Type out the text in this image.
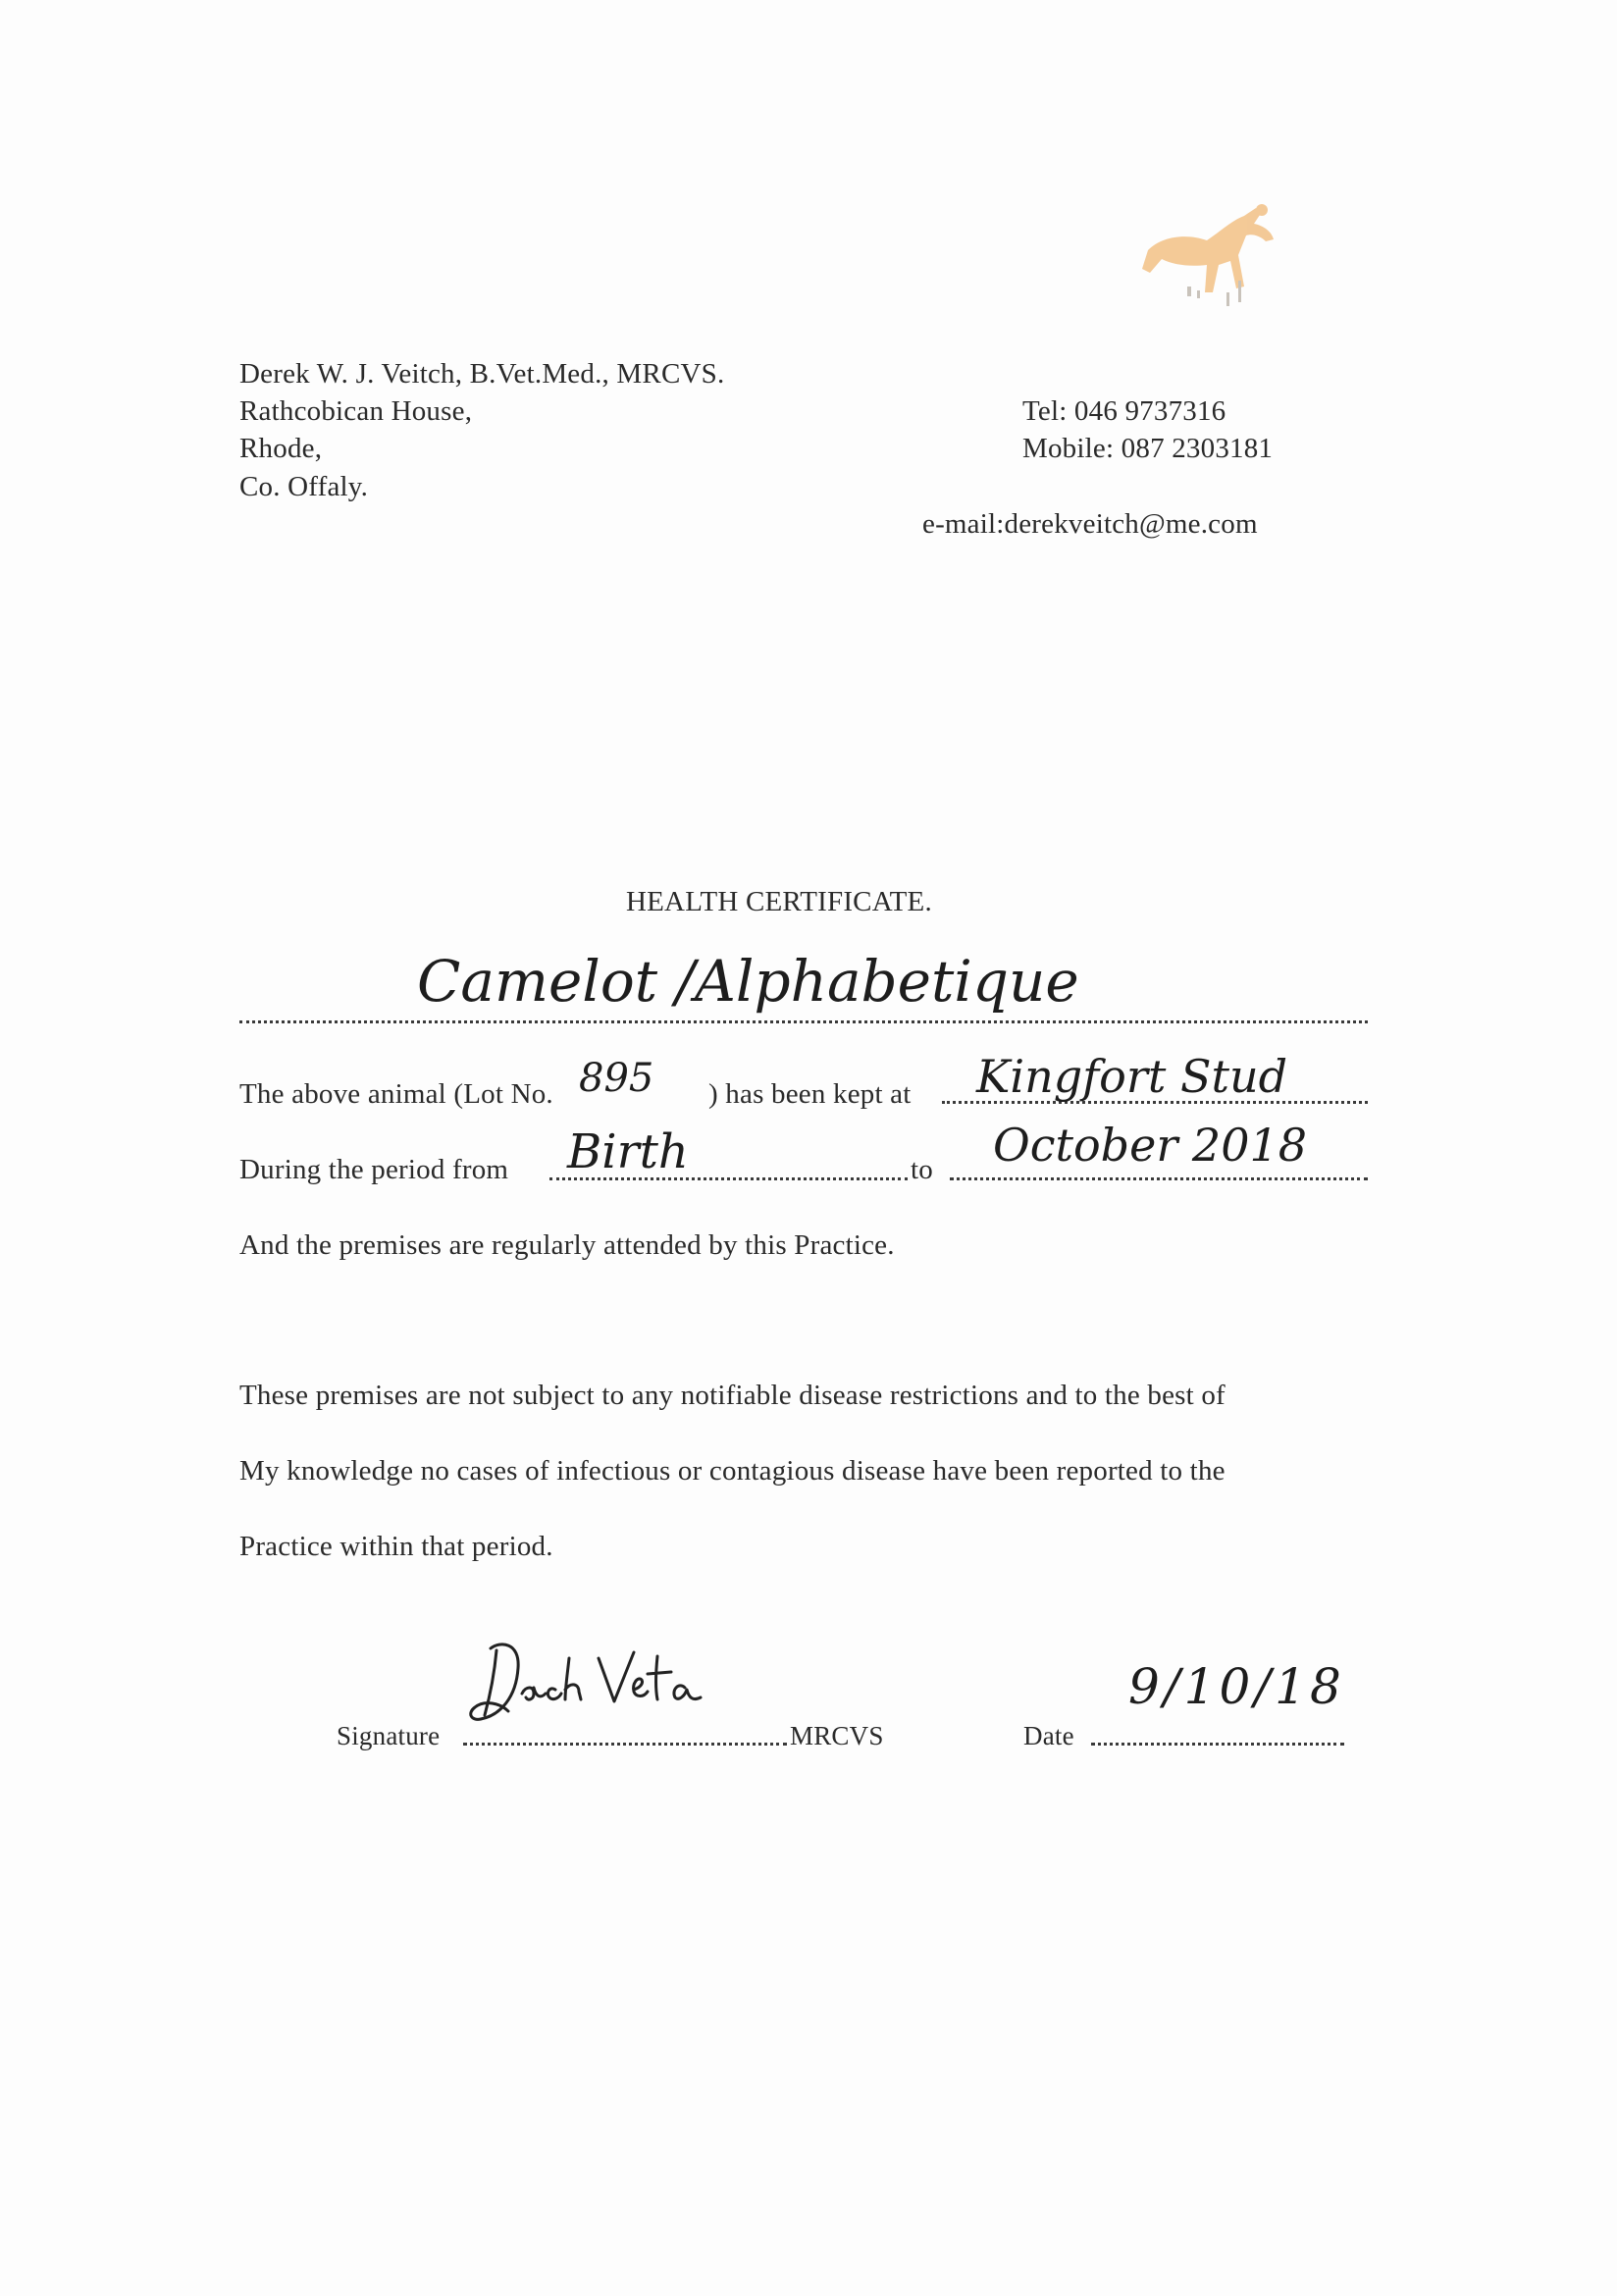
Derek W. J. Veitch, B.Vet.Med., MRCVS.
Rathcobican House,
Rhode,
Co. Offaly.
Tel: 046 9737316
Mobile: 087 2303181
e-mail:derekveitch@me.com
HEALTH CERTIFICATE.
Camelot /Alphabetique
The above animal (Lot No. 895 ) has been kept at Kingfort Stud
During the period from Birth	to October 2018
And the premises are regularly attended by this Practice.
These premises are not subject to any notifiable disease restrictions and to the best of
My knowledge no cases of infectious or contagious disease have been reported to the
Practice within that period.
Signature	MRCVS	Date
9/10/18
